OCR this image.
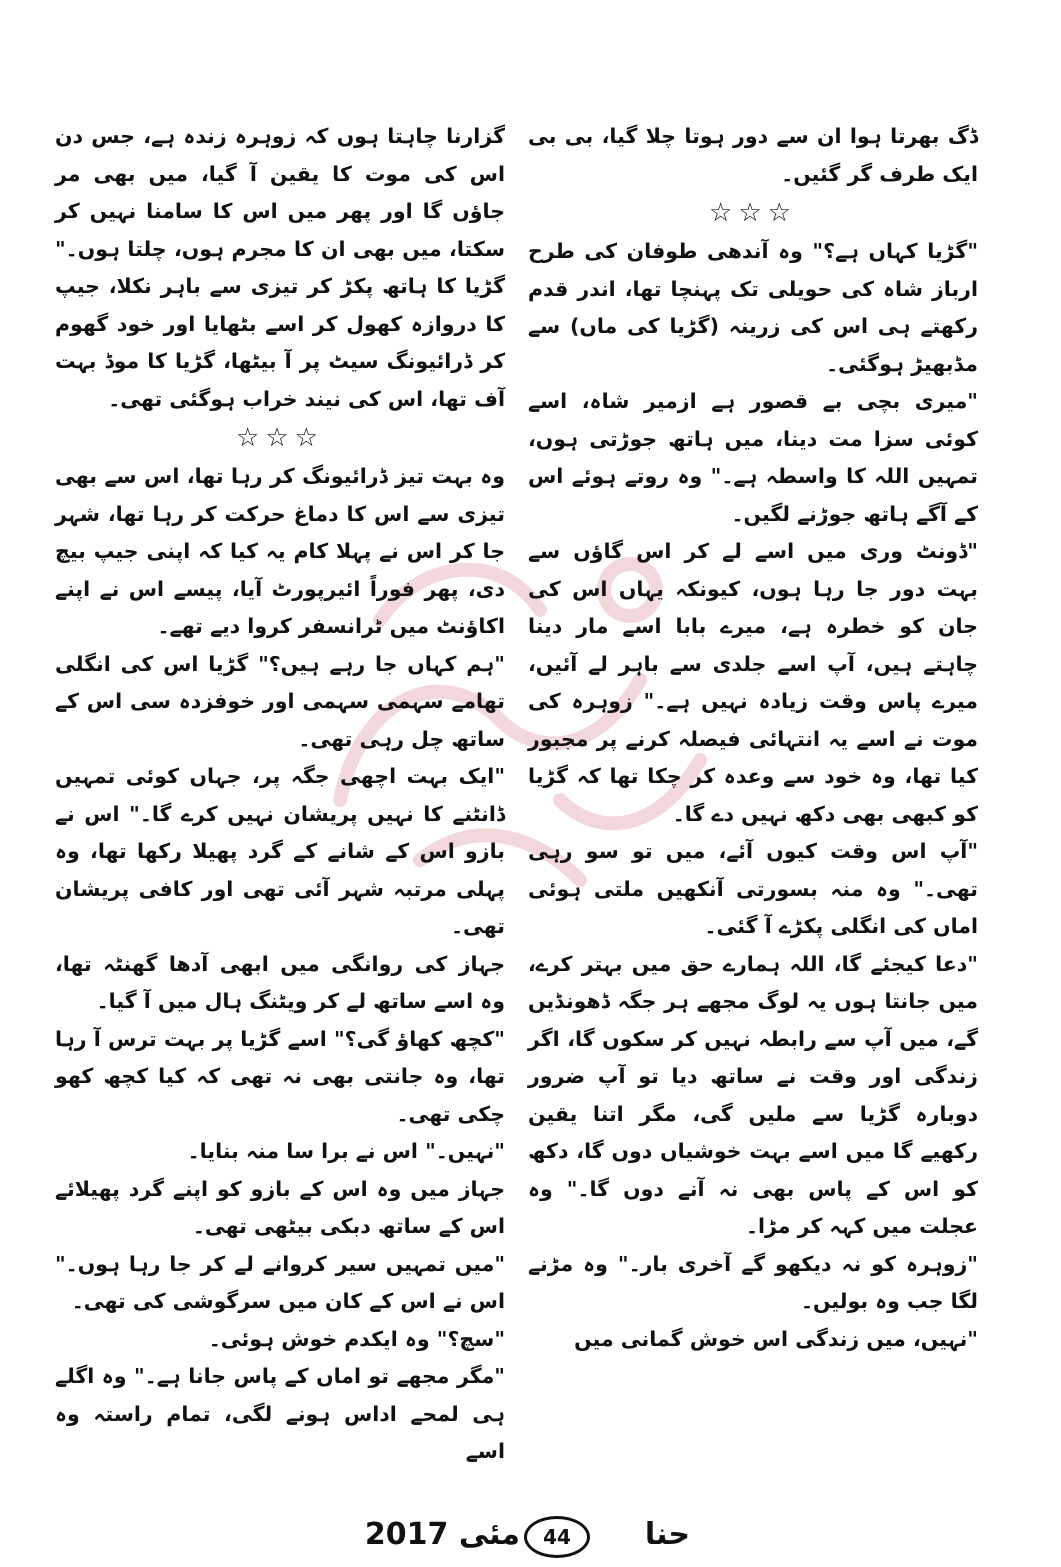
ڈگ بھرتا ہوا ان سے دور ہوتا چلا گیا، بی بی ایک طرف گر گئیں۔

☆☆☆

"گڑیا کہاں ہے؟" وہ آندھی طوفان کی طرح ارباز شاہ کی حویلی تک پہنچا تھا، اندر قدم رکھتے ہی اس کی زرینہ (گڑیا کی ماں) سے مڈبھیڑ ہوگئی۔

"میری بچی بے قصور ہے ازمیر شاہ، اسے کوئی سزا مت دینا، میں ہاتھ جوڑتی ہوں، تمہیں اللہ کا واسطہ ہے۔" وہ روتے ہوئے اس کے آگے ہاتھ جوڑنے لگیں۔

"ڈونٹ وری میں اسے لے کر اس گاؤں سے بہت دور جا رہا ہوں، کیونکہ یہاں اس کی جان کو خطرہ ہے، میرے بابا اسے مار دینا چاہتے ہیں، آپ اسے جلدی سے باہر لے آئیں، میرے پاس وقت زیادہ نہیں ہے۔" زوہرہ کی موت نے اسے یہ انتہائی فیصلہ کرنے پر مجبور کیا تھا، وہ خود سے وعدہ کر چکا تھا کہ گڑیا کو کبھی بھی دکھ نہیں دے گا۔

"آپ اس وقت کیوں آئے، میں تو سو رہی تھی۔" وہ منہ بسورتی آنکھیں ملتی ہوئی اماں کی انگلی پکڑے آ گئی۔

"دعا کیجئے گا، اللہ ہمارے حق میں بہتر کرے، میں جانتا ہوں یہ لوگ مجھے ہر جگہ ڈھونڈیں گے، میں آپ سے رابطہ نہیں کر سکوں گا، اگر زندگی اور وقت نے ساتھ دیا تو آپ ضرور دوبارہ گڑیا سے ملیں گی، مگر اتنا یقین رکھیے گا میں اسے بہت خوشیاں دوں گا، دکھ کو اس کے پاس بھی نہ آنے دوں گا۔" وہ عجلت میں کہہ کر مڑا۔

"زوہرہ کو نہ دیکھو گے آخری بار۔" وہ مڑنے لگا جب وہ بولیں۔

"نہیں، میں زندگی اس خوش گمانی میں

گزارنا چاہتا ہوں کہ زوہرہ زندہ ہے، جس دن اس کی موت کا یقین آ گیا، میں بھی مر جاؤں گا اور پھر میں اس کا سامنا نہیں کر سکتا، میں بھی ان کا مجرم ہوں، چلتا ہوں۔" گڑیا کا ہاتھ پکڑ کر تیزی سے باہر نکلا، جیپ کا دروازہ کھول کر اسے بٹھایا اور خود گھوم کر ڈرائیونگ سیٹ پر آ بیٹھا، گڑیا کا موڈ بہت آف تھا، اس کی نیند خراب ہوگئی تھی۔

☆☆☆

وہ بہت تیز ڈرائیونگ کر رہا تھا، اس سے بھی تیزی سے اس کا دماغ حرکت کر رہا تھا، شہر جا کر اس نے پہلا کام یہ کیا کہ اپنی جیپ بیچ دی، پھر فوراً ائیرپورٹ آیا، پیسے اس نے اپنے اکاؤنٹ میں ٹرانسفر کروا دیے تھے۔

"ہم کہاں جا رہے ہیں؟" گڑیا اس کی انگلی تھامے سہمی سہمی اور خوفزدہ سی اس کے ساتھ چل رہی تھی۔

"ایک بہت اچھی جگہ پر، جہاں کوئی تمہیں ڈانٹنے کا نہیں پریشان نہیں کرے گا۔" اس نے بازو اس کے شانے کے گرد پھیلا رکھا تھا، وہ پہلی مرتبہ شہر آئی تھی اور کافی پریشان تھی۔

جہاز کی روانگی میں ابھی آدھا گھنٹہ تھا، وہ اسے ساتھ لے کر ویٹنگ ہال میں آ گیا۔

"کچھ کھاؤ گی؟" اسے گڑیا پر بہت ترس آ رہا تھا، وہ جانتی بھی نہ تھی کہ کیا کچھ کھو چکی تھی۔

"نہیں۔" اس نے برا سا منہ بنایا۔

جہاز میں وہ اس کے بازو کو اپنے گرد پھیلائے اس کے ساتھ دبکی بیٹھی تھی۔

"میں تمہیں سیر کروانے لے کر جا رہا ہوں۔" اس نے اس کے کان میں سرگوشی کی تھی۔

"سچ؟" وہ ایکدم خوش ہوئی۔

"مگر مجھے تو اماں کے پاس جانا ہے۔" وہ اگلے ہی لمحے اداس ہونے لگی، تمام راستہ وہ اسے

حنا
44
مئی 2017
